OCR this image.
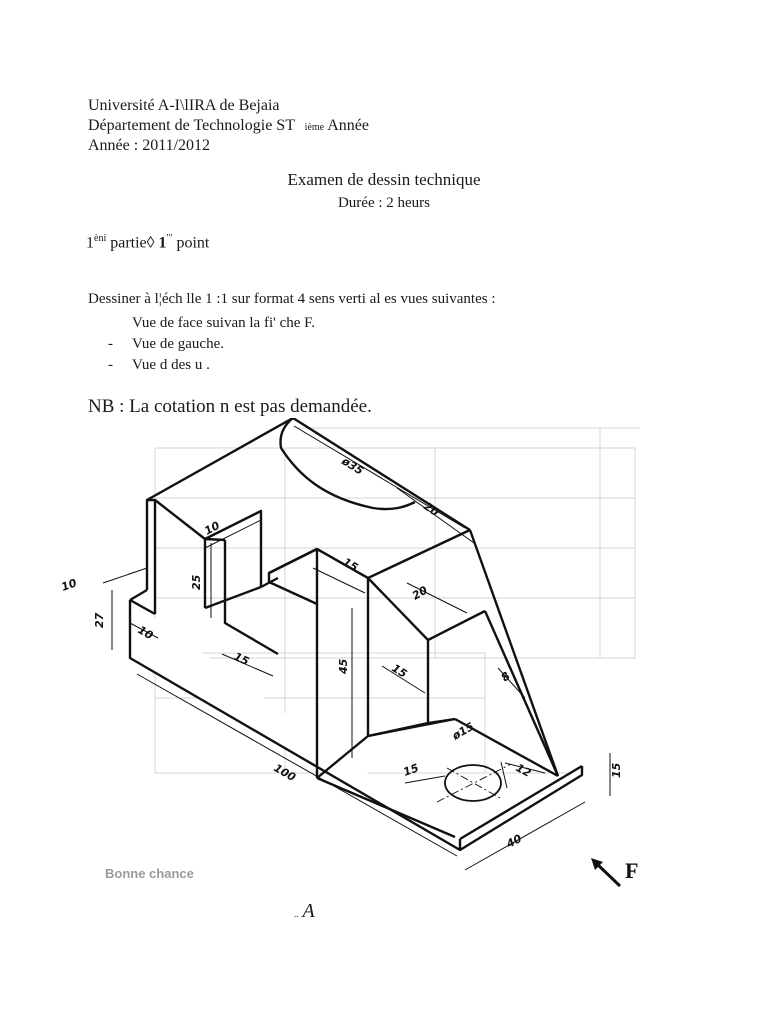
Université A-I\lIRA de Bejaia
Département de Technologie ST ième Année
Année : 2011/2012
Examen de dessin technique
Durée : 2 heurs
$1^{èni}$ partie◊ 1"' point
Dessiner à l¦éch lle 1 :1 sur format 4 sens verti al es vues suivantes :
Vue de face suivan la fi' che F.
- Vue de gauche.
- Vue d des u .
NB : La cotation n est pas demandée.
Bonne chance
ø35
20
10
25
15
10
27
10
15	45
20
15	8
ø15
15	12	15
100
40
F
.. A
